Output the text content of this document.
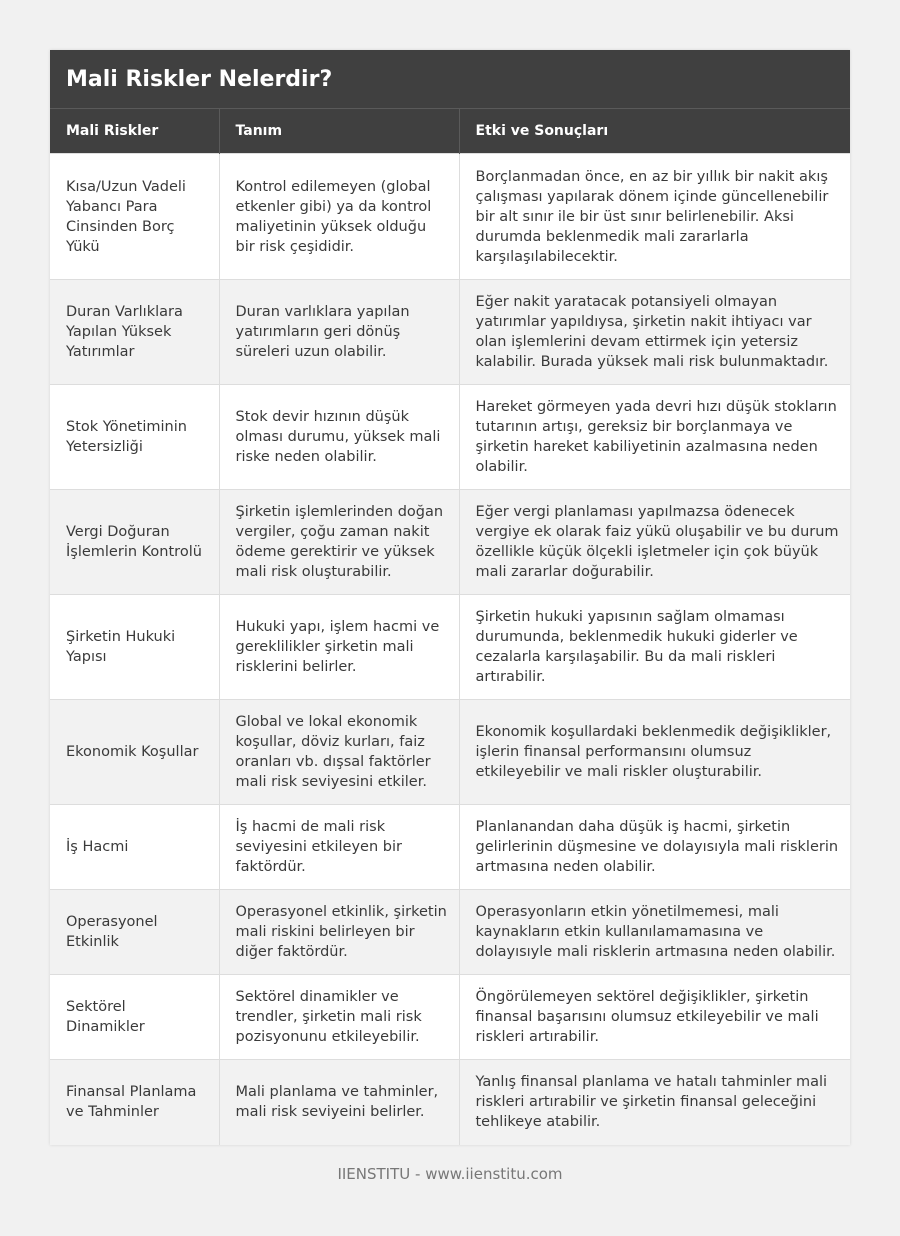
Mali Riskler Nelerdir?
Mali Riskler	Tanım	Etki ve Sonuçları
Kısa/Uzun Vadeli Yabancı Para Cinsinden Borç Yükü	Kontrol edilemeyen (global etkenler gibi) ya da kontrol maliyetinin yüksek olduğu bir risk çeşididir.	Borçlanmadan önce, en az bir yıllık bir nakit akış çalışması yapılarak dönem içinde güncellenebilir bir alt sınır ile bir üst sınır belirlenebilir. Aksi durumda beklenmedik mali zararlarla karşılaşılabilecektir.
Duran Varlıklara Yapılan Yüksek Yatırımlar	Duran varlıklara yapılan yatırımların geri dönüş süreleri uzun olabilir.	Eğer nakit yaratacak potansiyeli olmayan yatırımlar yapıldıysa, şirketin nakit ihtiyacı var olan işlemlerini devam ettirmek için yetersiz kalabilir. Burada yüksek mali risk bulunmaktadır.
Stok Yönetiminin Yetersizliği	Stok devir hızının düşük olması durumu, yüksek mali riske neden olabilir.	Hareket görmeyen yada devri hızı düşük stokların tutarının artışı, gereksiz bir borçlanmaya ve şirketin hareket kabiliyetinin azalmasına neden olabilir.
Vergi Doğuran İşlemlerin Kontrolü	Şirketin işlemlerinden doğan vergiler, çoğu zaman nakit ödeme gerektirir ve yüksek mali risk oluşturabilir.	Eğer vergi planlaması yapılmazsa ödenecek vergiye ek olarak faiz yükü oluşabilir ve bu durum özellikle küçük ölçekli işletmeler için çok büyük mali zararlar doğurabilir.
Şirketin Hukuki Yapısı	Hukuki yapı, işlem hacmi ve gereklilikler şirketin mali risklerini belirler.	Şirketin hukuki yapısının sağlam olmaması durumunda, beklenmedik hukuki giderler ve cezalarla karşılaşabilir. Bu da mali riskleri artırabilir.
Ekonomik Koşullar	Global ve lokal ekonomik koşullar, döviz kurları, faiz oranları vb. dışsal faktörler mali risk seviyesini etkiler.	Ekonomik koşullardaki beklenmedik değişiklikler, işlerin finansal performansını olumsuz etkileyebilir ve mali riskler oluşturabilir.
İş Hacmi	İş hacmi de mali risk seviyesini etkileyen bir faktördür.	Planlanandan daha düşük iş hacmi, şirketin gelirlerinin düşmesine ve dolayısıyla mali risklerin artmasına neden olabilir.
Operasyonel Etkinlik	Operasyonel etkinlik, şirketin mali riskini belirleyen bir diğer faktördür.	Operasyonların etkin yönetilmemesi, mali kaynakların etkin kullanılamamasına ve dolayısıyle mali risklerin artmasına neden olabilir.
Sektörel Dinamikler	Sektörel dinamikler ve trendler, şirketin mali risk pozisyonunu etkileyebilir.	Öngörülemeyen sektörel değişiklikler, şirketin finansal başarısını olumsuz etkileyebilir ve mali riskleri artırabilir.
Finansal Planlama ve Tahminler	Mali planlama ve tahminler, mali risk seviyeini belirler.	Yanlış finansal planlama ve hatalı tahminler mali riskleri artırabilir ve şirketin finansal geleceğini tehlikeye atabilir.
IIENSTITU - www.iienstitu.com
